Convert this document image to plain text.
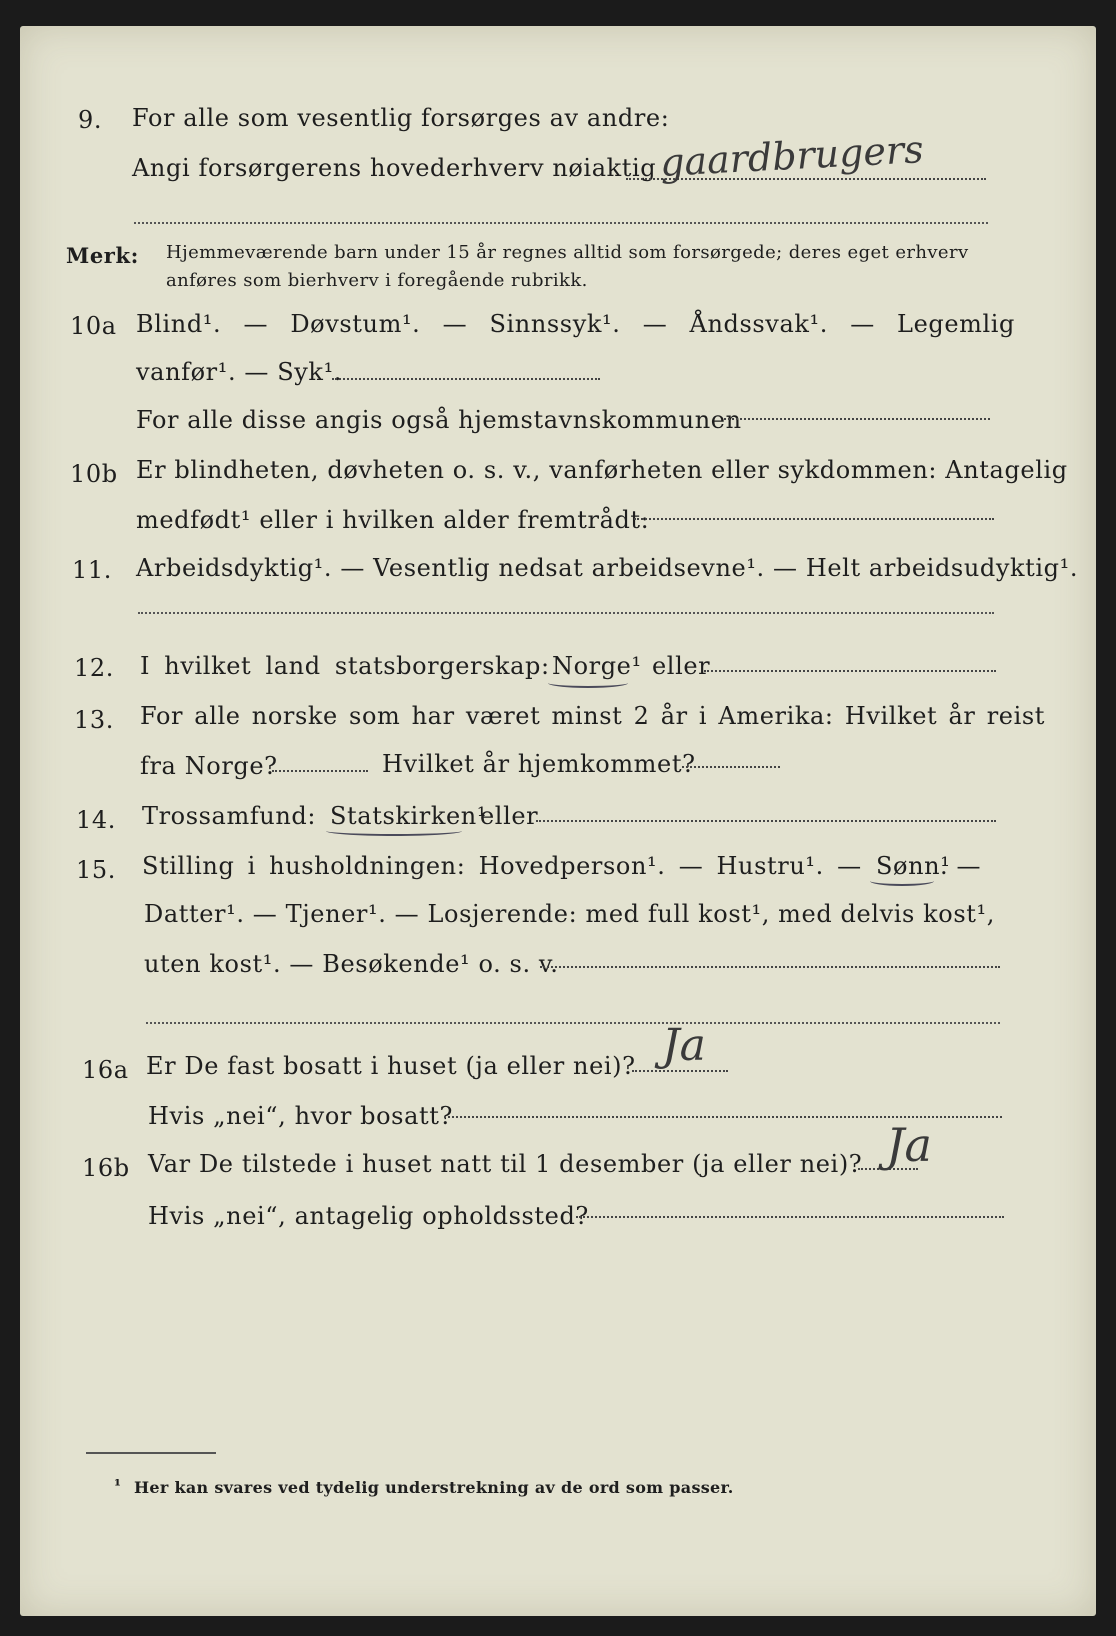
9. For alle som vesentlig forsørges av andre:
Angi forsørgerens hovederhverv nøiaktig gaardbrugers
Merk: Hjemmeværende barn under 15 år regnes alltid som forsørgede; deres eget erhverv
anføres som bierhverv i foregående rubrikk.
10a Blind¹. — Døvstum¹. — Sinnssyk¹. — Åndssvak¹. — Legemlig
vanfør¹. — Syk¹.
For alle disse angis også hjemstavnskommunen
10b Er blindheten, døvheten o. s. v., vanførheten eller sykdommen: Antagelig
medfødt¹ eller i hvilken alder fremtrådt:
11. Arbeidsdyktig¹. — Vesentlig nedsat arbeidsevne¹. — Helt arbeidsudyktig¹.
12. I hvilket land statsborgerskap: Norge¹ eller
13. For alle norske som har været minst 2 år i Amerika: Hvilket år reist
fra Norge?	Hvilket år hjemkommet?
14. Trossamfund: Statskirken¹
eller
15. Stilling i husholdningen: Hovedperson¹. — Hustru¹. — Sønn¹
. —
Datter¹. — Tjener¹. — Losjerende: med full kost¹, med delvis kost¹,
uten kost¹. — Besøkende¹ o. s. v.
16a Er De fast bosatt i huset (ja eller nei)? Ja
Hvis „nei“, hvor bosatt?
16b Var De tilstede i huset natt til 1 desember (ja eller nei)? Ja
Hvis „nei“, antagelig opholdssted?
¹ Her kan svares ved tydelig understrekning av de ord som passer.
